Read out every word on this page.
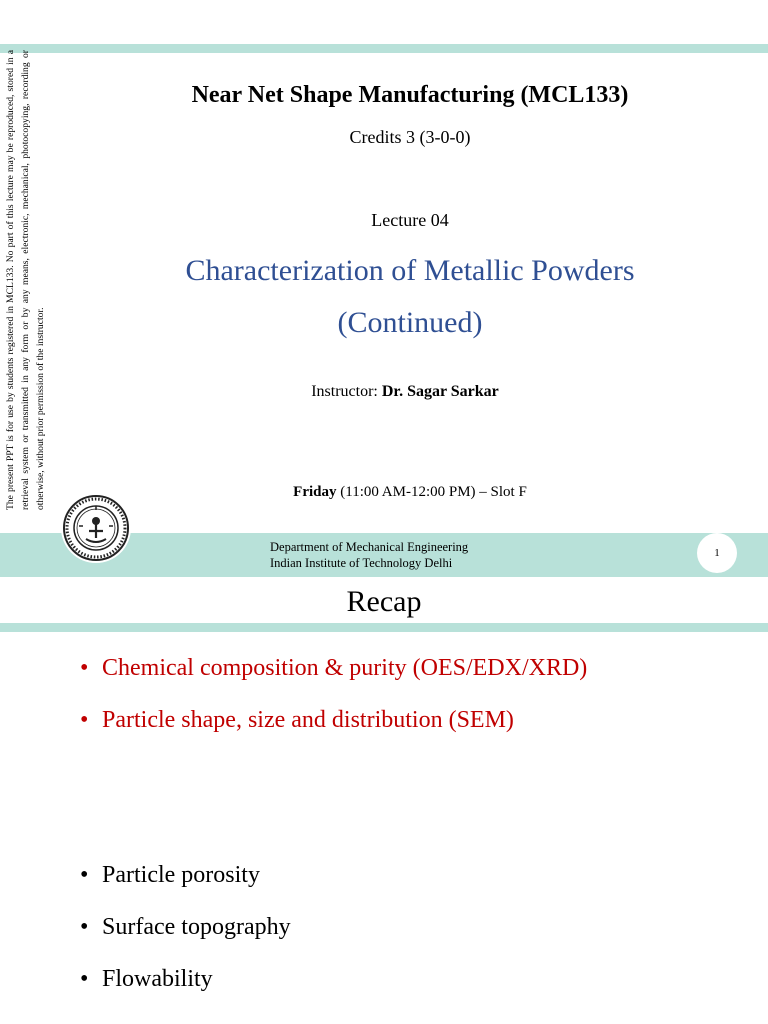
The present PPT is for use by students registered in MCL133. No part of this lecture may be reproduced, stored in a retrieval system or transmitted in any form or by any means, electronic, mechanical, photocopying, recording or otherwise, without prior permission of the instructor.
Near Net Shape Manufacturing (MCL133)
Credits 3 (3-0-0)
Lecture 04
Characterization of Metallic Powders
(Continued)
Instructor: Dr. Sagar Sarkar
Friday (11:00 AM-12:00 PM) – Slot F
Department of Mechanical Engineering
Indian Institute of Technology Delhi
1
Recap
• Chemical composition & purity (OES/EDX/XRD)
• Particle shape, size and distribution (SEM)
• Particle porosity
• Surface topography
• Flowability
